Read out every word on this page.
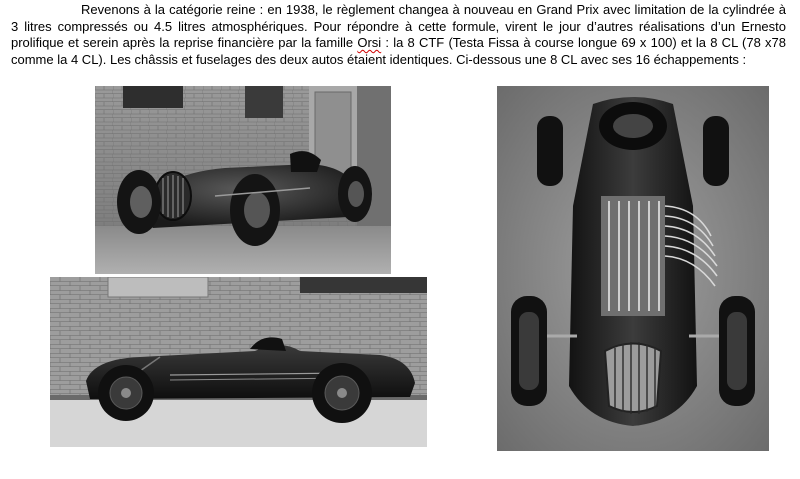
Revenons à la catégorie reine : en 1938, le règlement changea à nouveau en Grand Prix avec limitation de la cylindrée à 3 litres compressés ou 4.5 litres atmosphériques. Pour répondre à cette formule, virent le jour d’autres réalisations d’un Ernesto prolifique et serein après la reprise financière par la famille Orsi : la 8 CTF (Testa Fissa à course longue 69 x 100) et la 8 CL (78 x78 comme la 4 CL). Les châssis et fuselages des deux autos étaient identiques. Ci-dessous une 8 CL avec ses 16 échappements :
